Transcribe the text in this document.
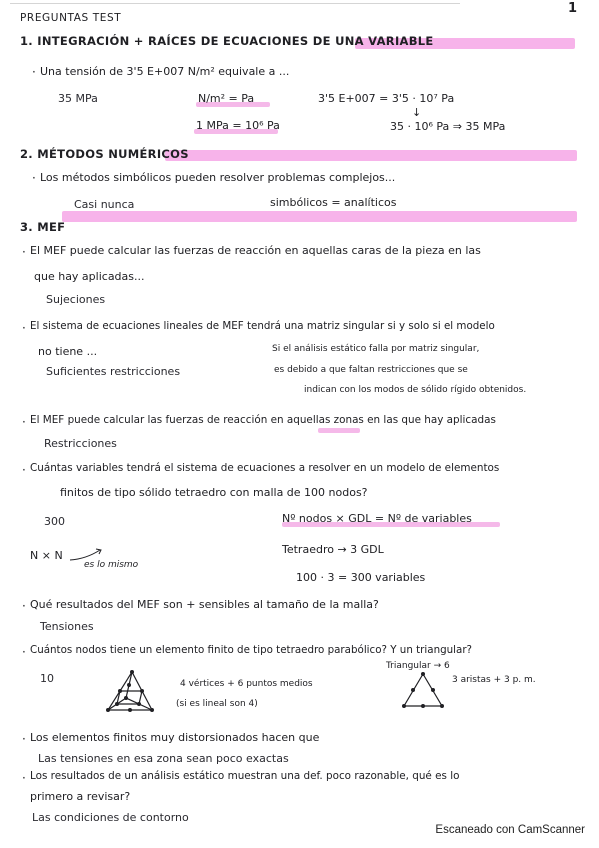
1
PREGUNTAS TEST
1. INTEGRACIÓN + RAÍCES DE ECUACIONES DE UNA VARIABLE
· Una tensión de 3'5 E+007 N/m² equivale a ...
35 MPa	N/m² = Pa	3'5 E+007 = 3'5 · 10⁷ Pa
↓
1 MPa = 10⁶ Pa	35 · 10⁶ Pa ⇒ 35 MPa
2. MÉTODOS NUMÉRICOS
· Los métodos simbólicos pueden resolver problemas complejos...
Casi nunca	simbólicos = analíticos
3. MEF
· El MEF puede calcular las fuerzas de reacción en aquellas caras de la pieza en las
que hay aplicadas...
Sujeciones
· El sistema de ecuaciones lineales de MEF tendrá una matriz singular si y solo si el modelo
no tiene ...
Suficientes restricciones
Si el análisis estático falla por matriz singular,
es debido a que faltan restricciones que se
indican con los modos de sólido rígido obtenidos.
· El MEF puede calcular las fuerzas de reacción en aquellas zonas en las que hay aplicadas
Restricciones
· Cuántas variables tendrá el sistema de ecuaciones a resolver en un modelo de elementos
finitos de tipo sólido tetraedro con malla de 100 nodos?
300	Nº nodos × GDL = Nº de variables
Tetraedro → 3 GDL
100 · 3 = 300 variables
N × N
es lo mismo
· Qué resultados del MEF son + sensibles al tamaño de la malla?
Tensiones
· Cuántos nodos tiene un elemento finito de tipo tetraedro parabólico? Y un triangular?
Triangular → 6
10	4 vértices + 6 puntos medios
(si es lineal son 4)
3 aristas + 3 p. m.
· Los elementos finitos muy distorsionados hacen que
Las tensiones en esa zona sean poco exactas
· Los resultados de un análisis estático muestran una def. poco razonable, qué es lo
primero a revisar?
Las condiciones de contorno
Escaneado con CamScanner
